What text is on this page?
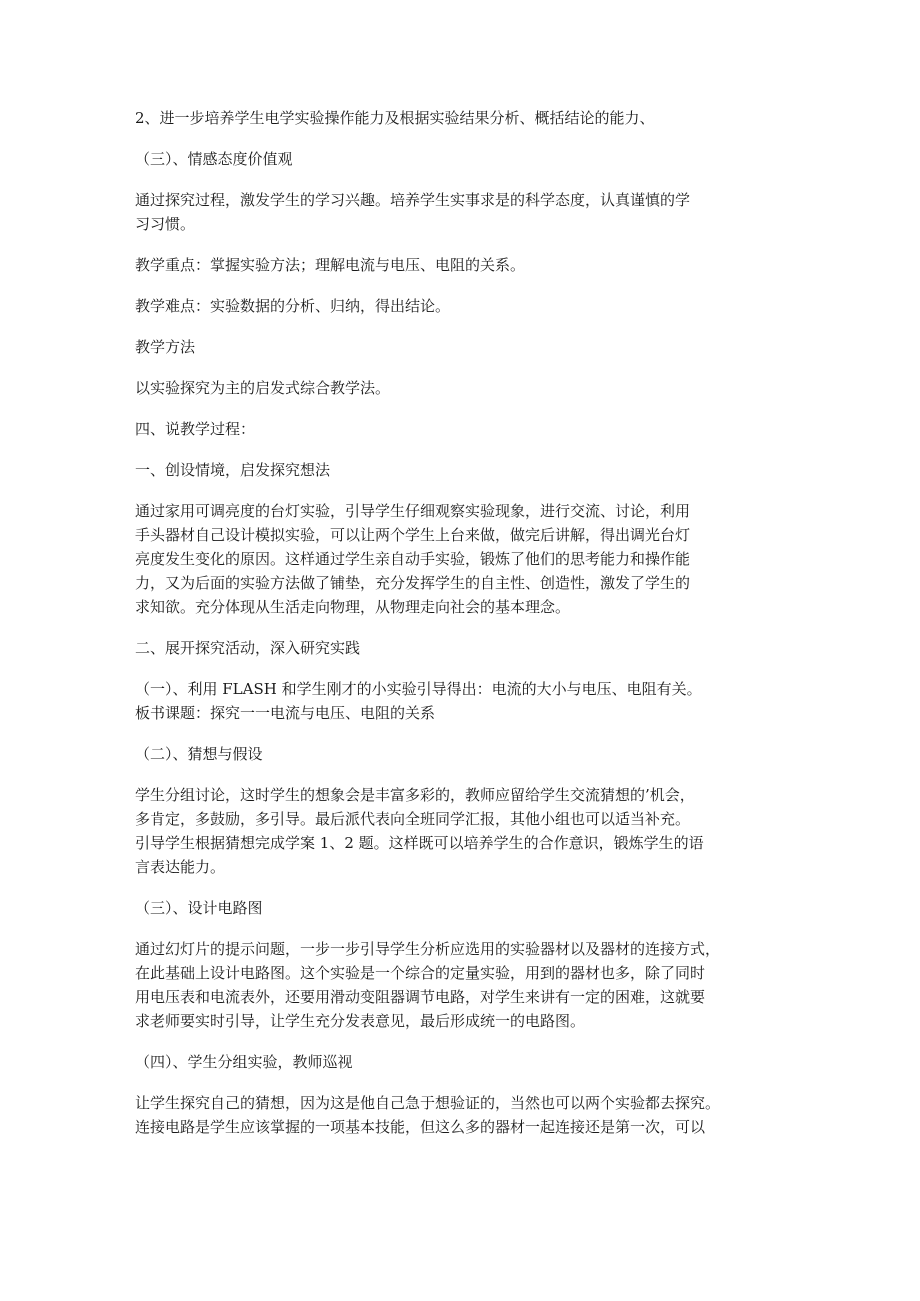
2、进一步培养学生电学实验操作能力及根据实验结果分析、概括结论的能力、

（三）、情感态度价值观

通过探究过程，激发学生的学习兴趣。培养学生实事求是的科学态度，认真谨慎的学
习习惯。

教学重点：掌握实验方法；理解电流与电压、电阻的关系。

教学难点：实验数据的分析、归纳，得出结论。

教学方法

以实验探究为主的启发式综合教学法。

四、说教学过程：

一、创设情境，启发探究想法

通过家用可调亮度的台灯实验，引导学生仔细观察实验现象，进行交流、讨论，利用
手头器材自己设计模拟实验，可以让两个学生上台来做，做完后讲解，得出调光台灯
亮度发生变化的原因。这样通过学生亲自动手实验，锻炼了他们的思考能力和操作能
力，又为后面的实验方法做了铺垫，充分发挥学生的自主性、创造性，激发了学生的
求知欲。充分体现从生活走向物理，从物理走向社会的基本理念。

二、展开探究活动，深入研究实践

（一）、利用 FLASH 和学生刚才的小实验引导得出：电流的大小与电压、电阻有关。
板书课题：探究一一电流与电压、电阻的关系

（二）、猜想与假设

学生分组讨论，这时学生的想象会是丰富多彩的，教师应留给学生交流猜想的’机会，
多肯定，多鼓励，多引导。最后派代表向全班同学汇报，其他小组也可以适当补充。
引导学生根据猜想完成学案 1、2 题。这样既可以培养学生的合作意识，锻炼学生的语
言表达能力。

（三）、设计电路图

通过幻灯片的提示问题，一步一步引导学生分析应选用的实验器材以及器材的连接方式，
在此基础上设计电路图。这个实验是一个综合的定量实验，用到的器材也多，除了同时
用电压表和电流表外，还要用滑动变阻器调节电路，对学生来讲有一定的困难，这就要
求老师要实时引导，让学生充分发表意见，最后形成统一的电路图。

（四）、学生分组实验，教师巡视

让学生探究自己的猜想，因为这是他自己急于想验证的，当然也可以两个实验都去探究。
连接电路是学生应该掌握的一项基本技能，但这么多的器材一起连接还是第一次，可以
